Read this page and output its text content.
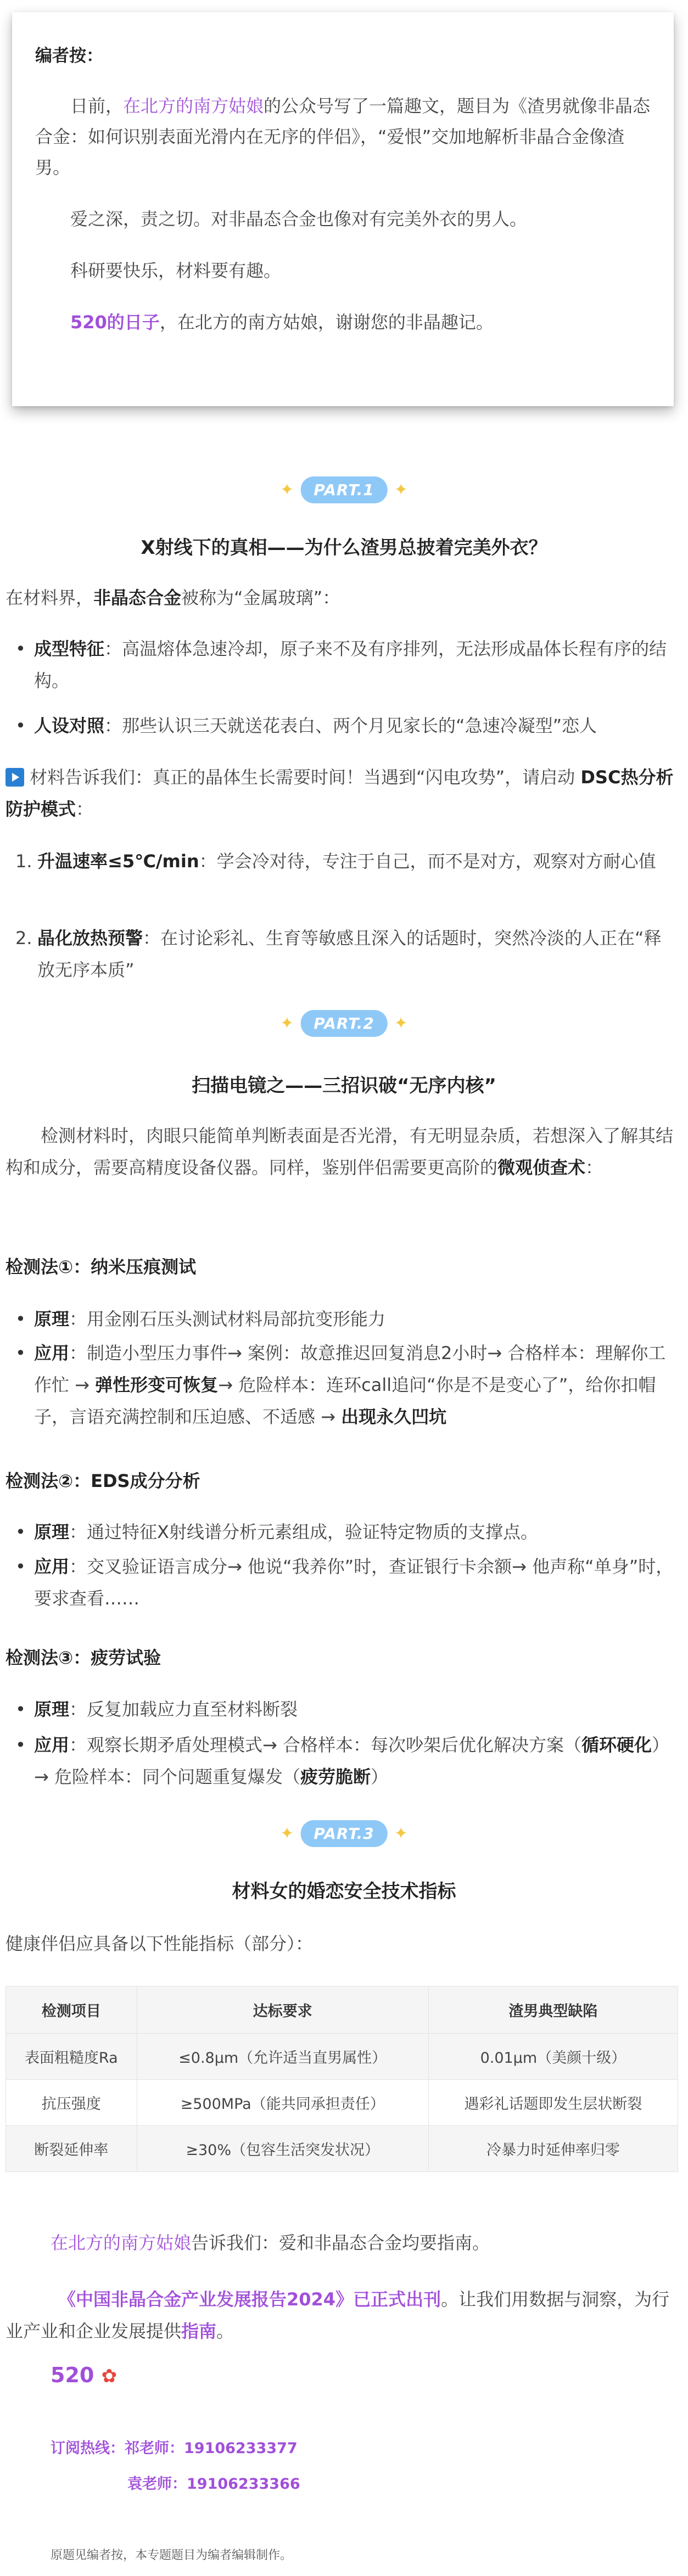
编者按：

日前，在北方的南方姑娘的公众号写了一篇趣文，题目为《渣男就像非晶态合金：如何识别表面光滑内在无序的伴侣》，“爱恨”交加地解析非晶合金像渣男。

爱之深，责之切。对非晶态合金也像对有完美外衣的男人。

科研要快乐，材料要有趣。

520的日子，在北方的南方姑娘，谢谢您的非晶趣记。

✦	PART.1	✦
X射线下的真相——为什么渣男总披着完美外衣？
在材料界，非晶态合金被称为“金属玻璃”：
• 成型特征：高温熔体急速冷却，原子来不及有序排列，无法形成晶体长程有序的结构。
• 人设对照：那些认识三天就送花表白、两个月见家长的“急速冷凝型”恋人
材料告诉我们：真正的晶体生长需要时间！当遇到“闪电攻势”，请启动 DSC热分析防护模式：
1. 升温速率≤5℃/min：学会冷对待，专注于自己，而不是对方，观察对方耐心值
2. 晶化放热预警：在讨论彩礼、生育等敏感且深入的话题时，突然冷淡的人正在“释放无序本质”
✦	PART.2	✦
扫描电镜之——三招识破“无序内核”
检测材料时，肉眼只能简单判断表面是否光滑，有无明显杂质，若想深入了解其结构和成分，需要高精度设备仪器。同样，鉴别伴侣需要更高阶的微观侦查术：
检测法①：纳米压痕测试
• 原理：用金刚石压头测试材料局部抗变形能力
• 应用：制造小型压力事件→ 案例：故意推迟回复消息2小时→ 合格样本：理解你工作忙 → 弹性形变可恢复→ 危险样本：连环call追问“你是不是变心了”，给你扣帽子，言语充满控制和压迫感、不适感 → 出现永久凹坑
检测法②：EDS成分分析
• 原理：通过特征X射线谱分析元素组成，验证特定物质的支撑点。
• 应用：交叉验证语言成分→ 他说“我养你”时，查证银行卡余额→ 他声称“单身”时，要求查看……
检测法③：疲劳试验
• 原理：反复加载应力直至材料断裂
• 应用：观察长期矛盾处理模式→ 合格样本：每次吵架后优化解决方案（循环硬化）→ 危险样本：同个问题重复爆发（疲劳脆断）
✦	PART.3	✦
材料女的婚恋安全技术指标
健康伴侣应具备以下性能指标（部分）：
检测项目	达标要求	渣男典型缺陷
表面粗糙度Ra	≤0.8μm（允许适当直男属性）	0.01μm（美颜十级）
抗压强度	≥500MPa（能共同承担责任）	遇彩礼话题即发生层状断裂
断裂延伸率	≥30%（包容生活突发状况）	冷暴力时延伸率归零
在北方的南方姑娘告诉我们：爱和非晶态合金均要指南。
《中国非晶合金产业发展报告2024》已正式出刊。让我们用数据与洞察，为行业产业和企业发展提供指南。
520 ✿
订阅热线：祁老师：19106233377
袁老师：19106233366
原题见编者按，本专题题目为编者编辑制作。
